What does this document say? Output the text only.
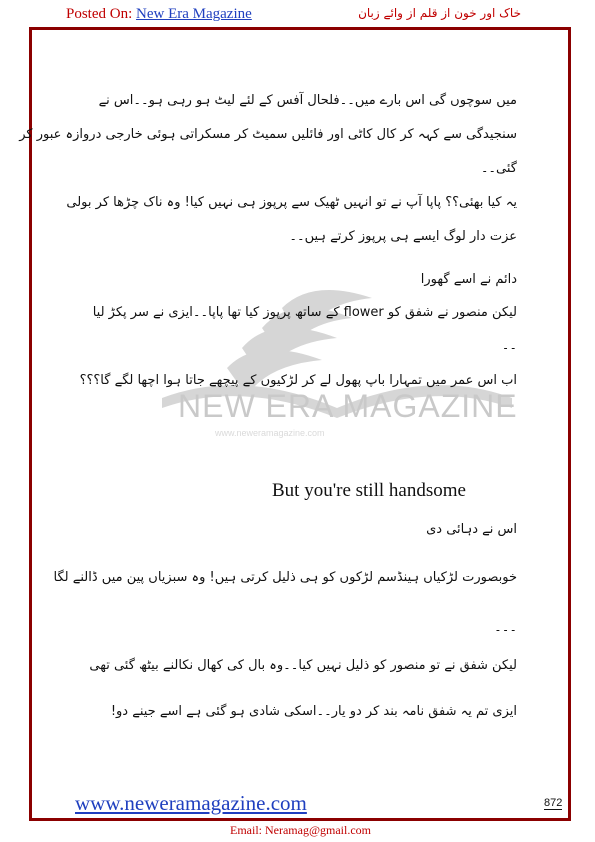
Posted On: New Era Magazine	خاک اور خون از قلم از وائے زبان
NEW ERA MAGAZINE
www.neweramagazine.com
میں سوچوں گی اس بارے میں۔۔فلحال آفس کے لئے لیٹ ہو رہی ہو۔۔اس نے
سنجیدگی سے کہہ کر کال کاٹی اور فائلیں سمیٹ کر مسکراتی ہوئی خارجی دروازہ عبور کر
گئی۔۔
یہ کیا بھئی؟؟ پاپا آپ نے تو انہیں ٹھیک سے پرپوز ہی نہیں کیا! وہ ناک چڑھا کر بولی
عزت دار لوگ ایسے ہی پرپوز کرتے ہیں۔۔
دائم نے اسے گھورا
لیکن منصور نے شفق کو flower کے ساتھ پرپوز کیا تھا پاپا۔۔ایزی نے سر پکڑ لیا
۔۔
اب اس عمر میں تمہارا باپ پھول لے کر لڑکیوں کے پیچھے جاتا ہوا اچھا لگے گا؟؟؟
But you're still handsome
اس نے دہائی دی
خوبصورت لڑکیاں ہینڈسم لڑکوں کو ہی ذلیل کرتی ہیں! وہ سبزیاں پین میں ڈالنے لگا
۔۔۔
لیکن شفق نے تو منصور کو ذلیل نہیں کیا۔۔وہ بال کی کھال نکالنے بیٹھ گئی تھی
ایزی تم یہ شفق نامہ بند کر دو یار۔۔اسکی شادی ہو گئی ہے اسے جینے دو!
www.neweramagazine.com	872
Email: Neramag@gmail.com
